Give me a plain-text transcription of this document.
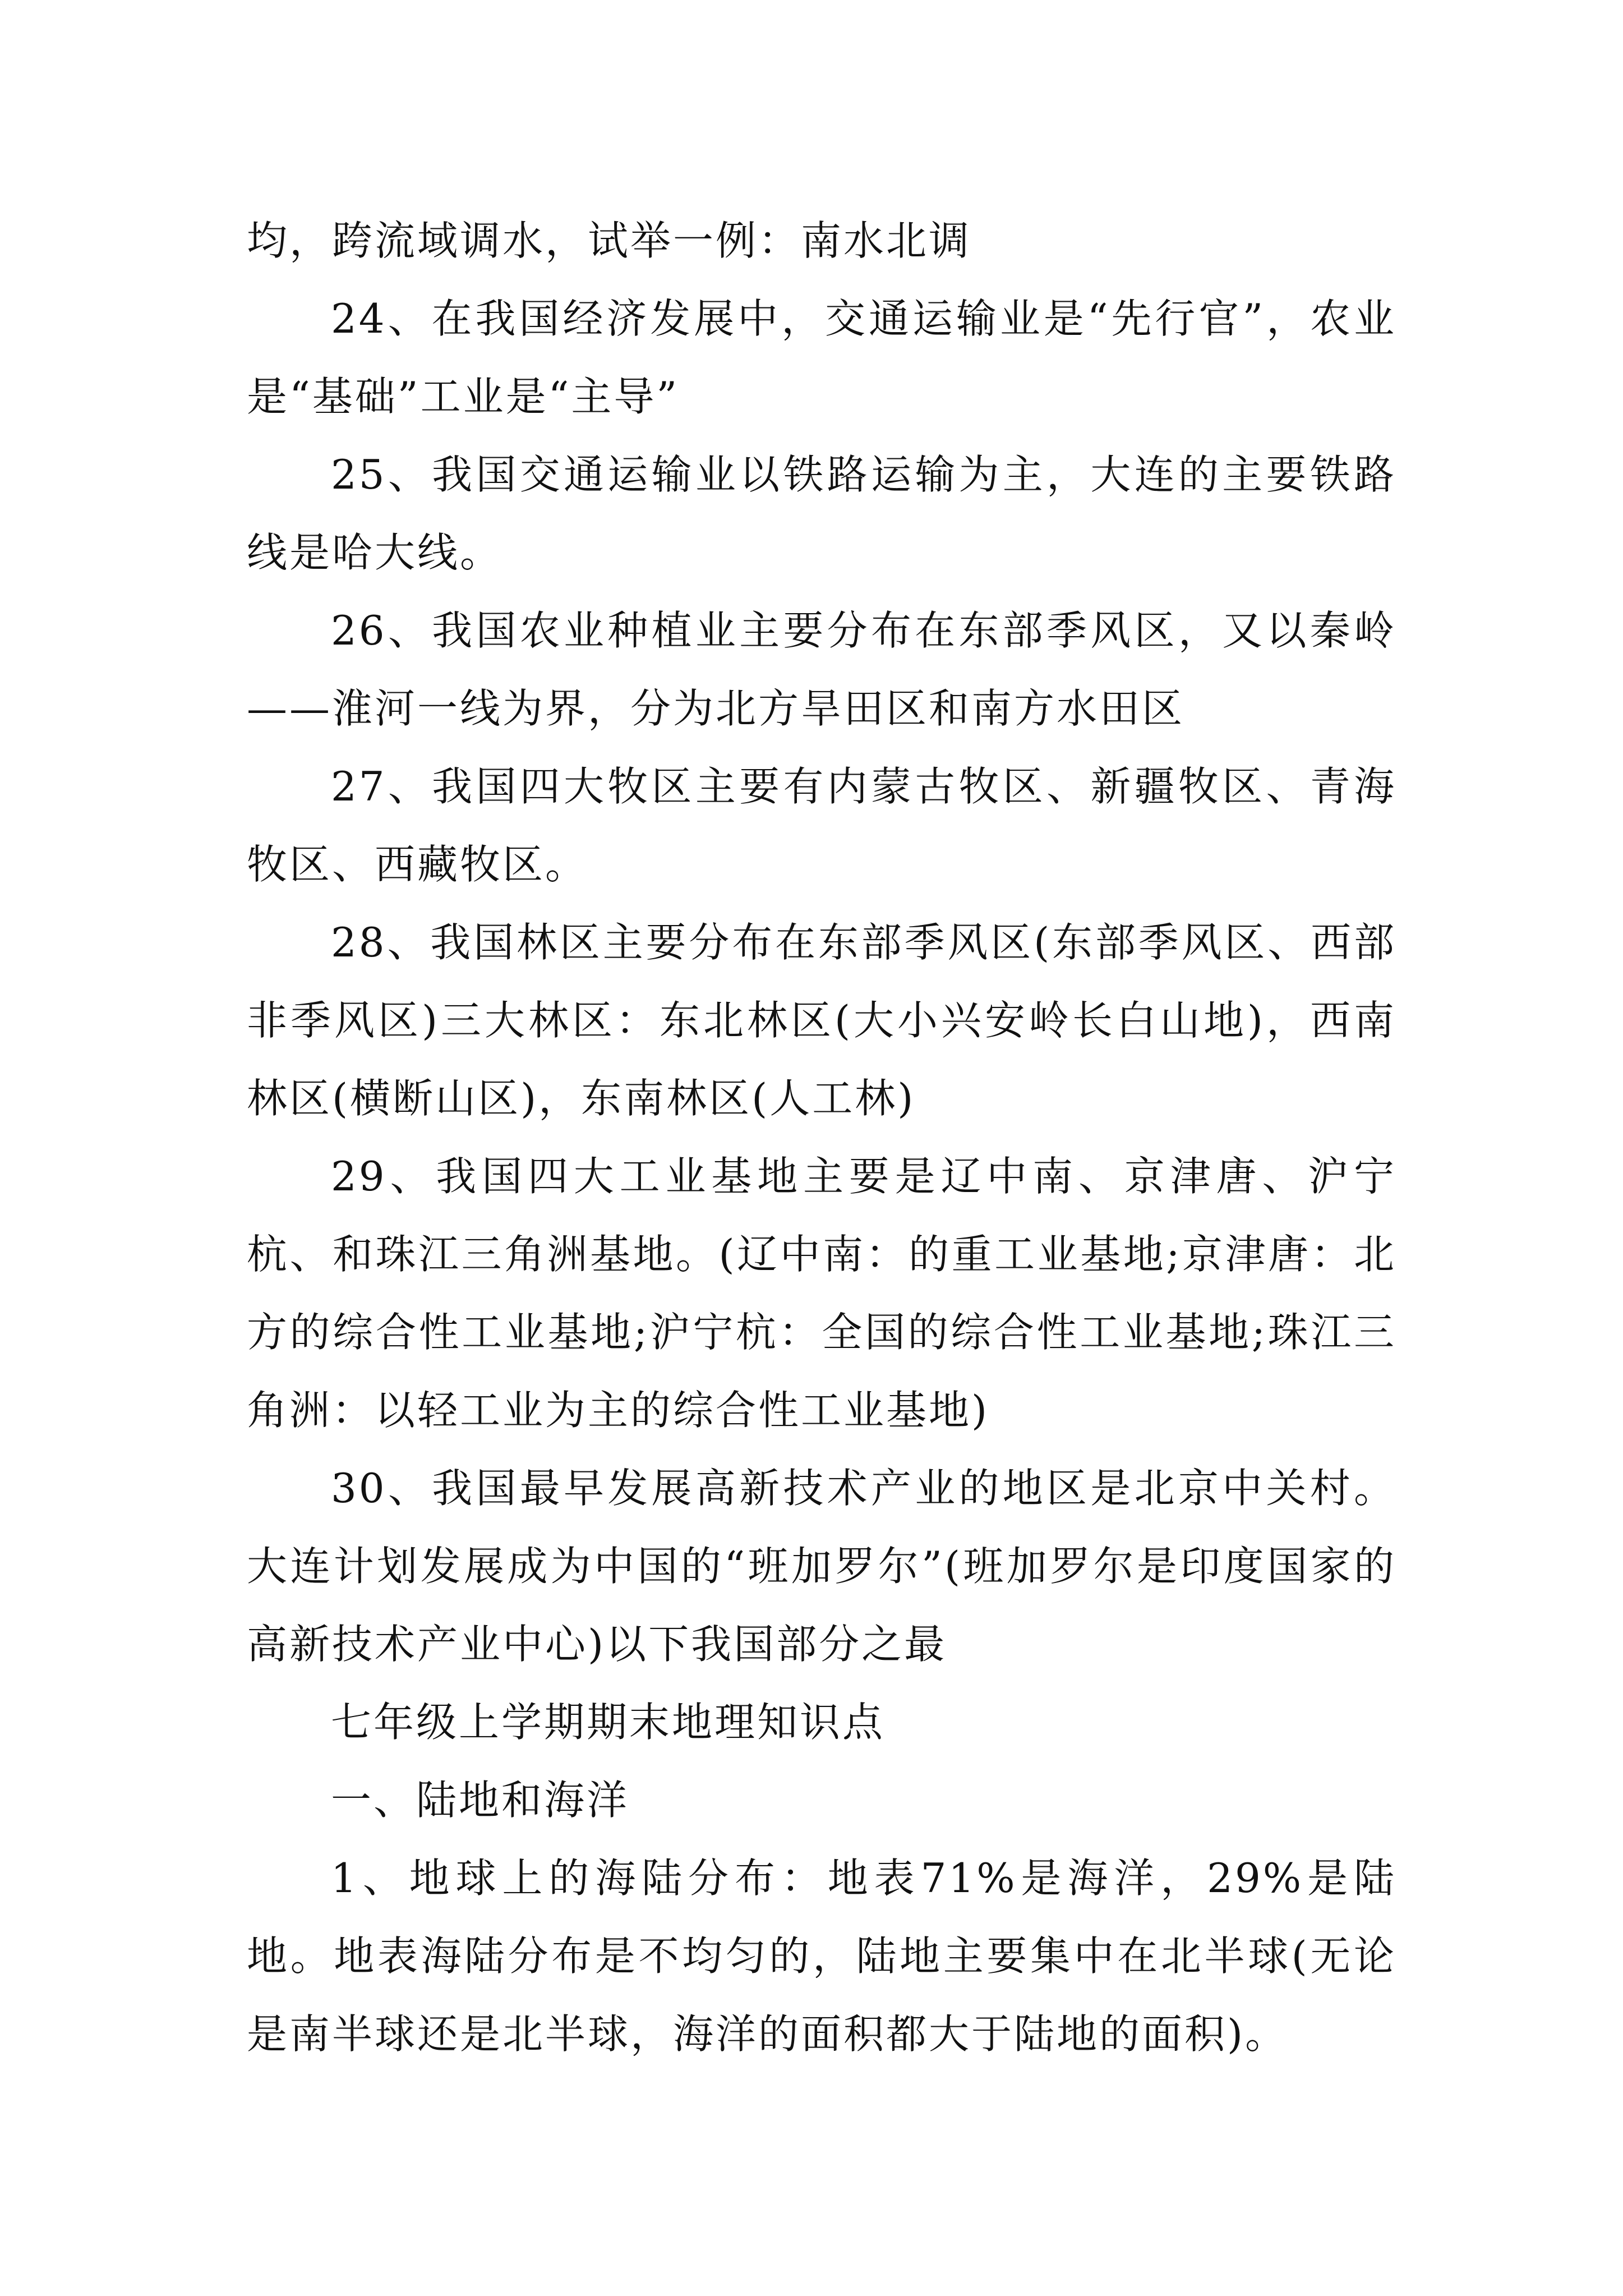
均，跨流域调水，试举一例：南水北调

24、在我国经济发展中，交通运输业是“先行官”，农业是“基础”工业是“主导”

25、我国交通运输业以铁路运输为主，大连的主要铁路线是哈大线。

26、我国农业种植业主要分布在东部季风区，又以秦岭——淮河一线为界，分为北方旱田区和南方水田区

27、我国四大牧区主要有内蒙古牧区、新疆牧区、青海牧区、西藏牧区。

28、我国林区主要分布在东部季风区(东部季风区、西部非季风区)三大林区：东北林区(大小兴安岭长白山地)，西南林区(横断山区)，东南林区(人工林)

29、我国四大工业基地主要是辽中南、京津唐、沪宁杭、和珠江三角洲基地。(辽中南：的重工业基地;京津唐：北方的综合性工业基地;沪宁杭：全国的综合性工业基地;珠江三角洲：以轻工业为主的综合性工业基地)

30、我国最早发展高新技术产业的地区是北京中关村。大连计划发展成为中国的“班加罗尔”(班加罗尔是印度国家的高新技术产业中心)以下我国部分之最

七年级上学期期末地理知识点

一、陆地和海洋

1、地球上的海陆分布：地表71%是海洋，29%是陆地。地表海陆分布是不均匀的，陆地主要集中在北半球(无论是南半球还是北半球，海洋的面积都大于陆地的面积)。
